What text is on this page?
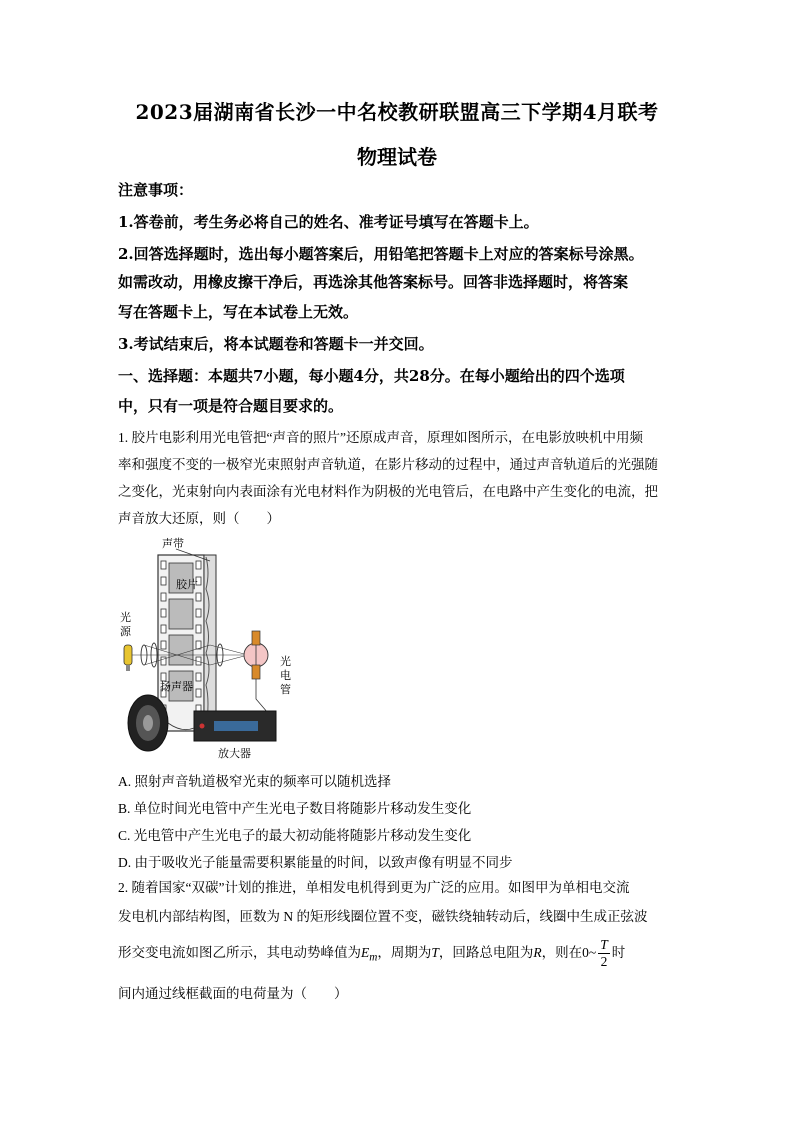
2023届湖南省长沙一中名校教研联盟高三下学期4月联考
物理试卷
注意事项：
1.答卷前，考生务必将自己的姓名、准考证号填写在答题卡上。
2.回答选择题时，选出每小题答案后，用铅笔把答题卡上对应的答案标号涂黑。
如需改动，用橡皮擦干净后，再选涂其他答案标号。回答非选择题时，将答案
写在答题卡上，写在本试卷上无效。
3.考试结束后，将本试题卷和答题卡一并交回。
一、选择题：本题共7小题，每小题4分，共28分。在每小题给出的四个选项
中，只有一项是符合题目要求的。
1. 胶片电影利用光电管把“声音的照片”还原成声音，原理如图所示，在电影放映机中用频
率和强度不变的一极窄光束照射声音轨道，在影片移动的过程中，通过声音轨道后的光强随
之变化，光束射向内表面涂有光电材料作为阴极的光电管后，在电路中产生变化的电流，把
声音放大还原，则（　　）
声带
胶片
光
源
光
电
管
扬声器
放大器
A. 照射声音轨道极窄光束的频率可以随机选择
B. 单位时间光电管中产生光电子数目将随影片移动发生变化
C. 光电管中产生光电子的最大初动能将随影片移动发生变化
D. 由于吸收光子能量需要积累能量的时间，以致声像有明显不同步
2. 随着国家“双碳”计划的推进，单相发电机得到更为广泛的应用。如图甲为单相电交流
发电机内部结构图，匝数为 N 的矩形线圈位置不变，磁铁绕轴转动后，线圈中生成正弦波
形交变电流如图乙所示，其电动势峰值为$E_m$，周期为T，回路总电阻为R，则在0~ $\frac{T}{2}$ 时
间内通过线框截面的电荷量为（　　）
